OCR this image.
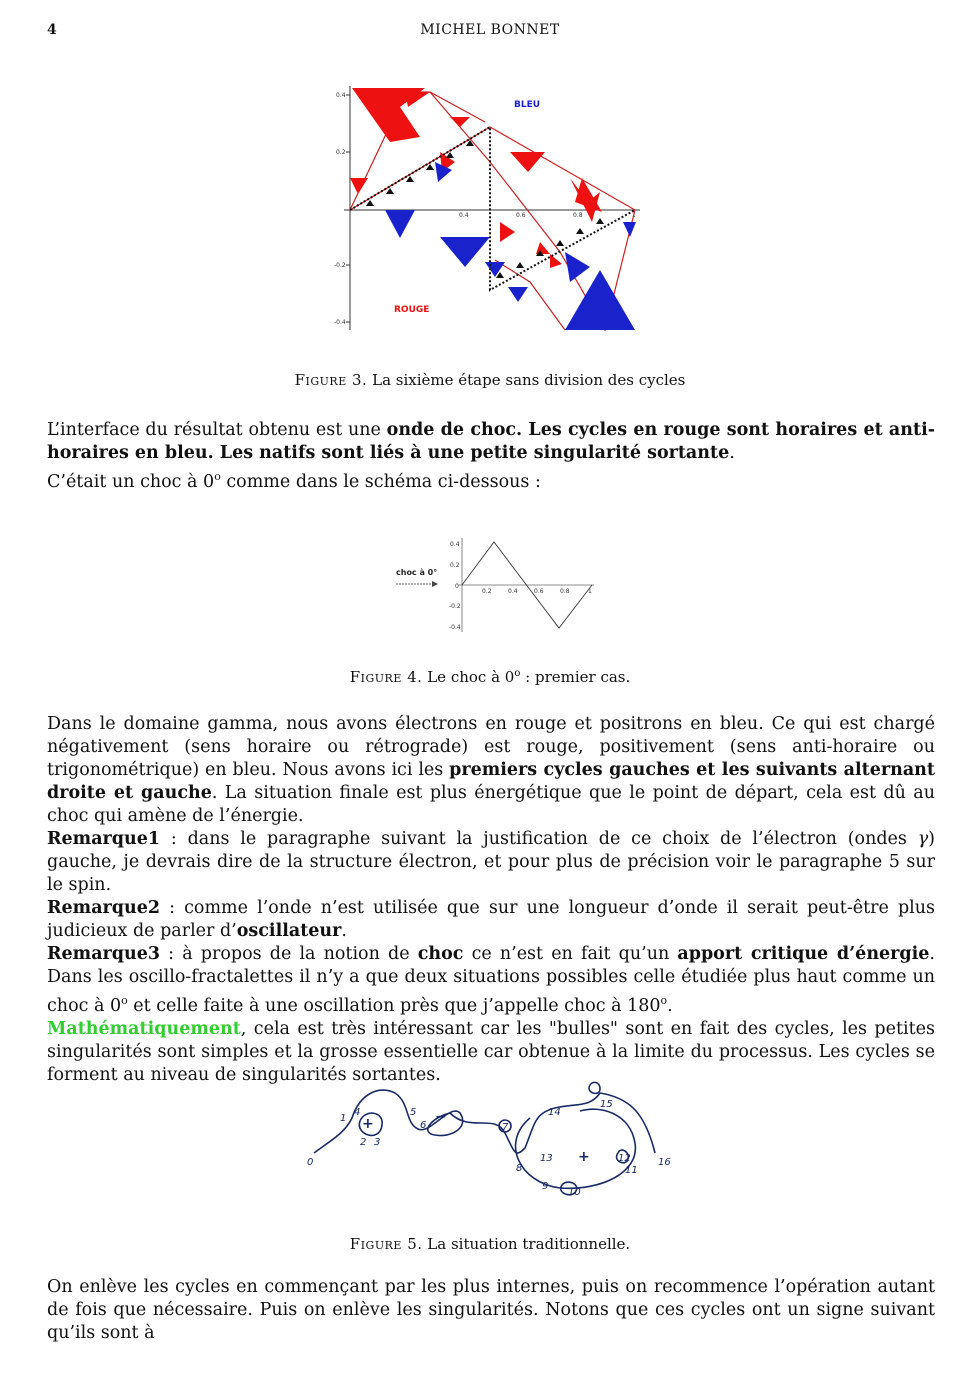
4	MICHEL BONNET
0.4
0.2
-0.2
-0.4
0.4	0.6	0.8	1
BLEU
ROUGE
Figure 3. La sixième étape sans division des cycles
L’interface du résultat obtenu est une onde de choc. Les cycles en rouge sont horaires et anti-horaires en bleu. Les natifs sont liés à une petite singularité sortante.
C’était un choc à 0$^o$ comme dans le schéma ci-dessous :
0.4
0.2
0
-0.2
-0.4
0.2	0.4	0.6	0.8	1
choc à 0°
Figure 4. Le choc à 0$^o$ : premier cas.
Dans le domaine gamma, nous avons électrons en rouge et positrons en bleu. Ce qui est chargé négativement (sens horaire ou rétrograde) est rouge, positivement (sens anti-horaire ou trigonométrique) en bleu. Nous avons ici les premiers cycles gauches et les suivants alternant droite et gauche. La situation finale est plus énergétique que le point de départ, cela est dû au choc qui amène de l’énergie.
Remarque1 : dans le paragraphe suivant la justification de ce choix de l’électron (ondes γ) gauche, je devrais dire de la structure électron, et pour plus de précision voir le paragraphe 5 sur le spin.
Remarque2 : comme l’onde n’est utilisée que sur une longueur d’onde il serait peut-être plus judicieux de parler d’oscillateur.
Remarque3 : à propos de la notion de choc ce n’est en fait qu’un apport critique d’énergie. Dans les oscillo-fractalettes il n’y a que deux situations possibles celle étudiée plus haut comme un choc à 0$^o$ et celle faite à une oscillation près que j’appelle choc à 180$^o$.
Mathématiquement, cela est très intéressant car les "bulles" sont en fait des cycles, les petites singularités sont simples et la grosse essentielle car obtenue à la limite du processus. Les cycles se forment au niveau de singularités sortantes.
0
1
2 3
4	5
6	7
8
9
10
11
12
13
14
15
16
+	−
+
Figure 5. La situation traditionnelle.
On enlève les cycles en commençant par les plus internes, puis on recommence l’opération autant de fois que nécessaire. Puis on enlève les singularités. Notons que ces cycles ont un signe suivant qu’ils sont à
